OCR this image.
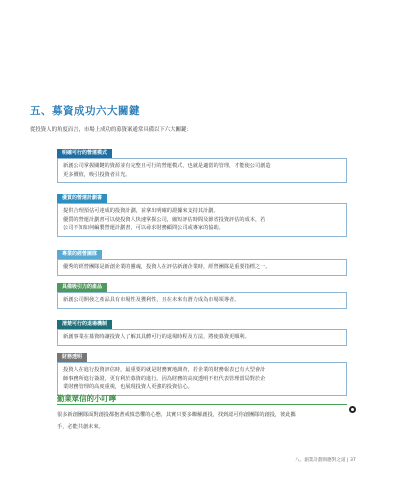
五、募資成功六大關鍵
從投資人的角度而言，市場上成功的募資案通常具備以下六大關鍵：
明確可行的營運模式

新創公司掌握關鍵的資源並有完整且可行的營運模式，也就是適當的管理，才能使公司創造

更多價值，吸引投資者目光。

優質的營運計劃書

提供合理預估可達成的投資計劃，並拿出明確的證據來支持其計劃。

優質的營運計劃書可以使投資人快速掌握公司，縮短評估時間及節省投資評估的成本，若

公司不知如何編製營運計劃書，可以尋求財務顧問公司或專家的協助。

專業的經營團隊

優秀的經營團隊是新創企業的靈魂，投資人在評估新創企業時，經營團隊是重要指標之一。

具備吸引力的產品

新創公司開發之產品具有市場性及獲利性，且在未來有潛力成為市場領導者。

清楚可行的退場機制

新創事業在募資時讓投資人了解其具體可行的退場時程及方法，將使募資更順利。

財務透明

投資人在進行投資評估時，最重要的就是財務實地調查，若企業的財務報表已有大型會計

師事務所進行簽證，更有利於募資的進行。因為財務的高度透明不但代表管理當局對於企

業財務管理的高度重視，也展現投資人更強的投資信心。

勤業眾信的小叮嚀

很多新創團隊面對創投都抱著戒慎恐懼的心態，其實只要多瞭解創投，找到認可你創團隊的創投，彼此攜

手，必能共創未來。

八、創業計劃與應對之道 | 37
